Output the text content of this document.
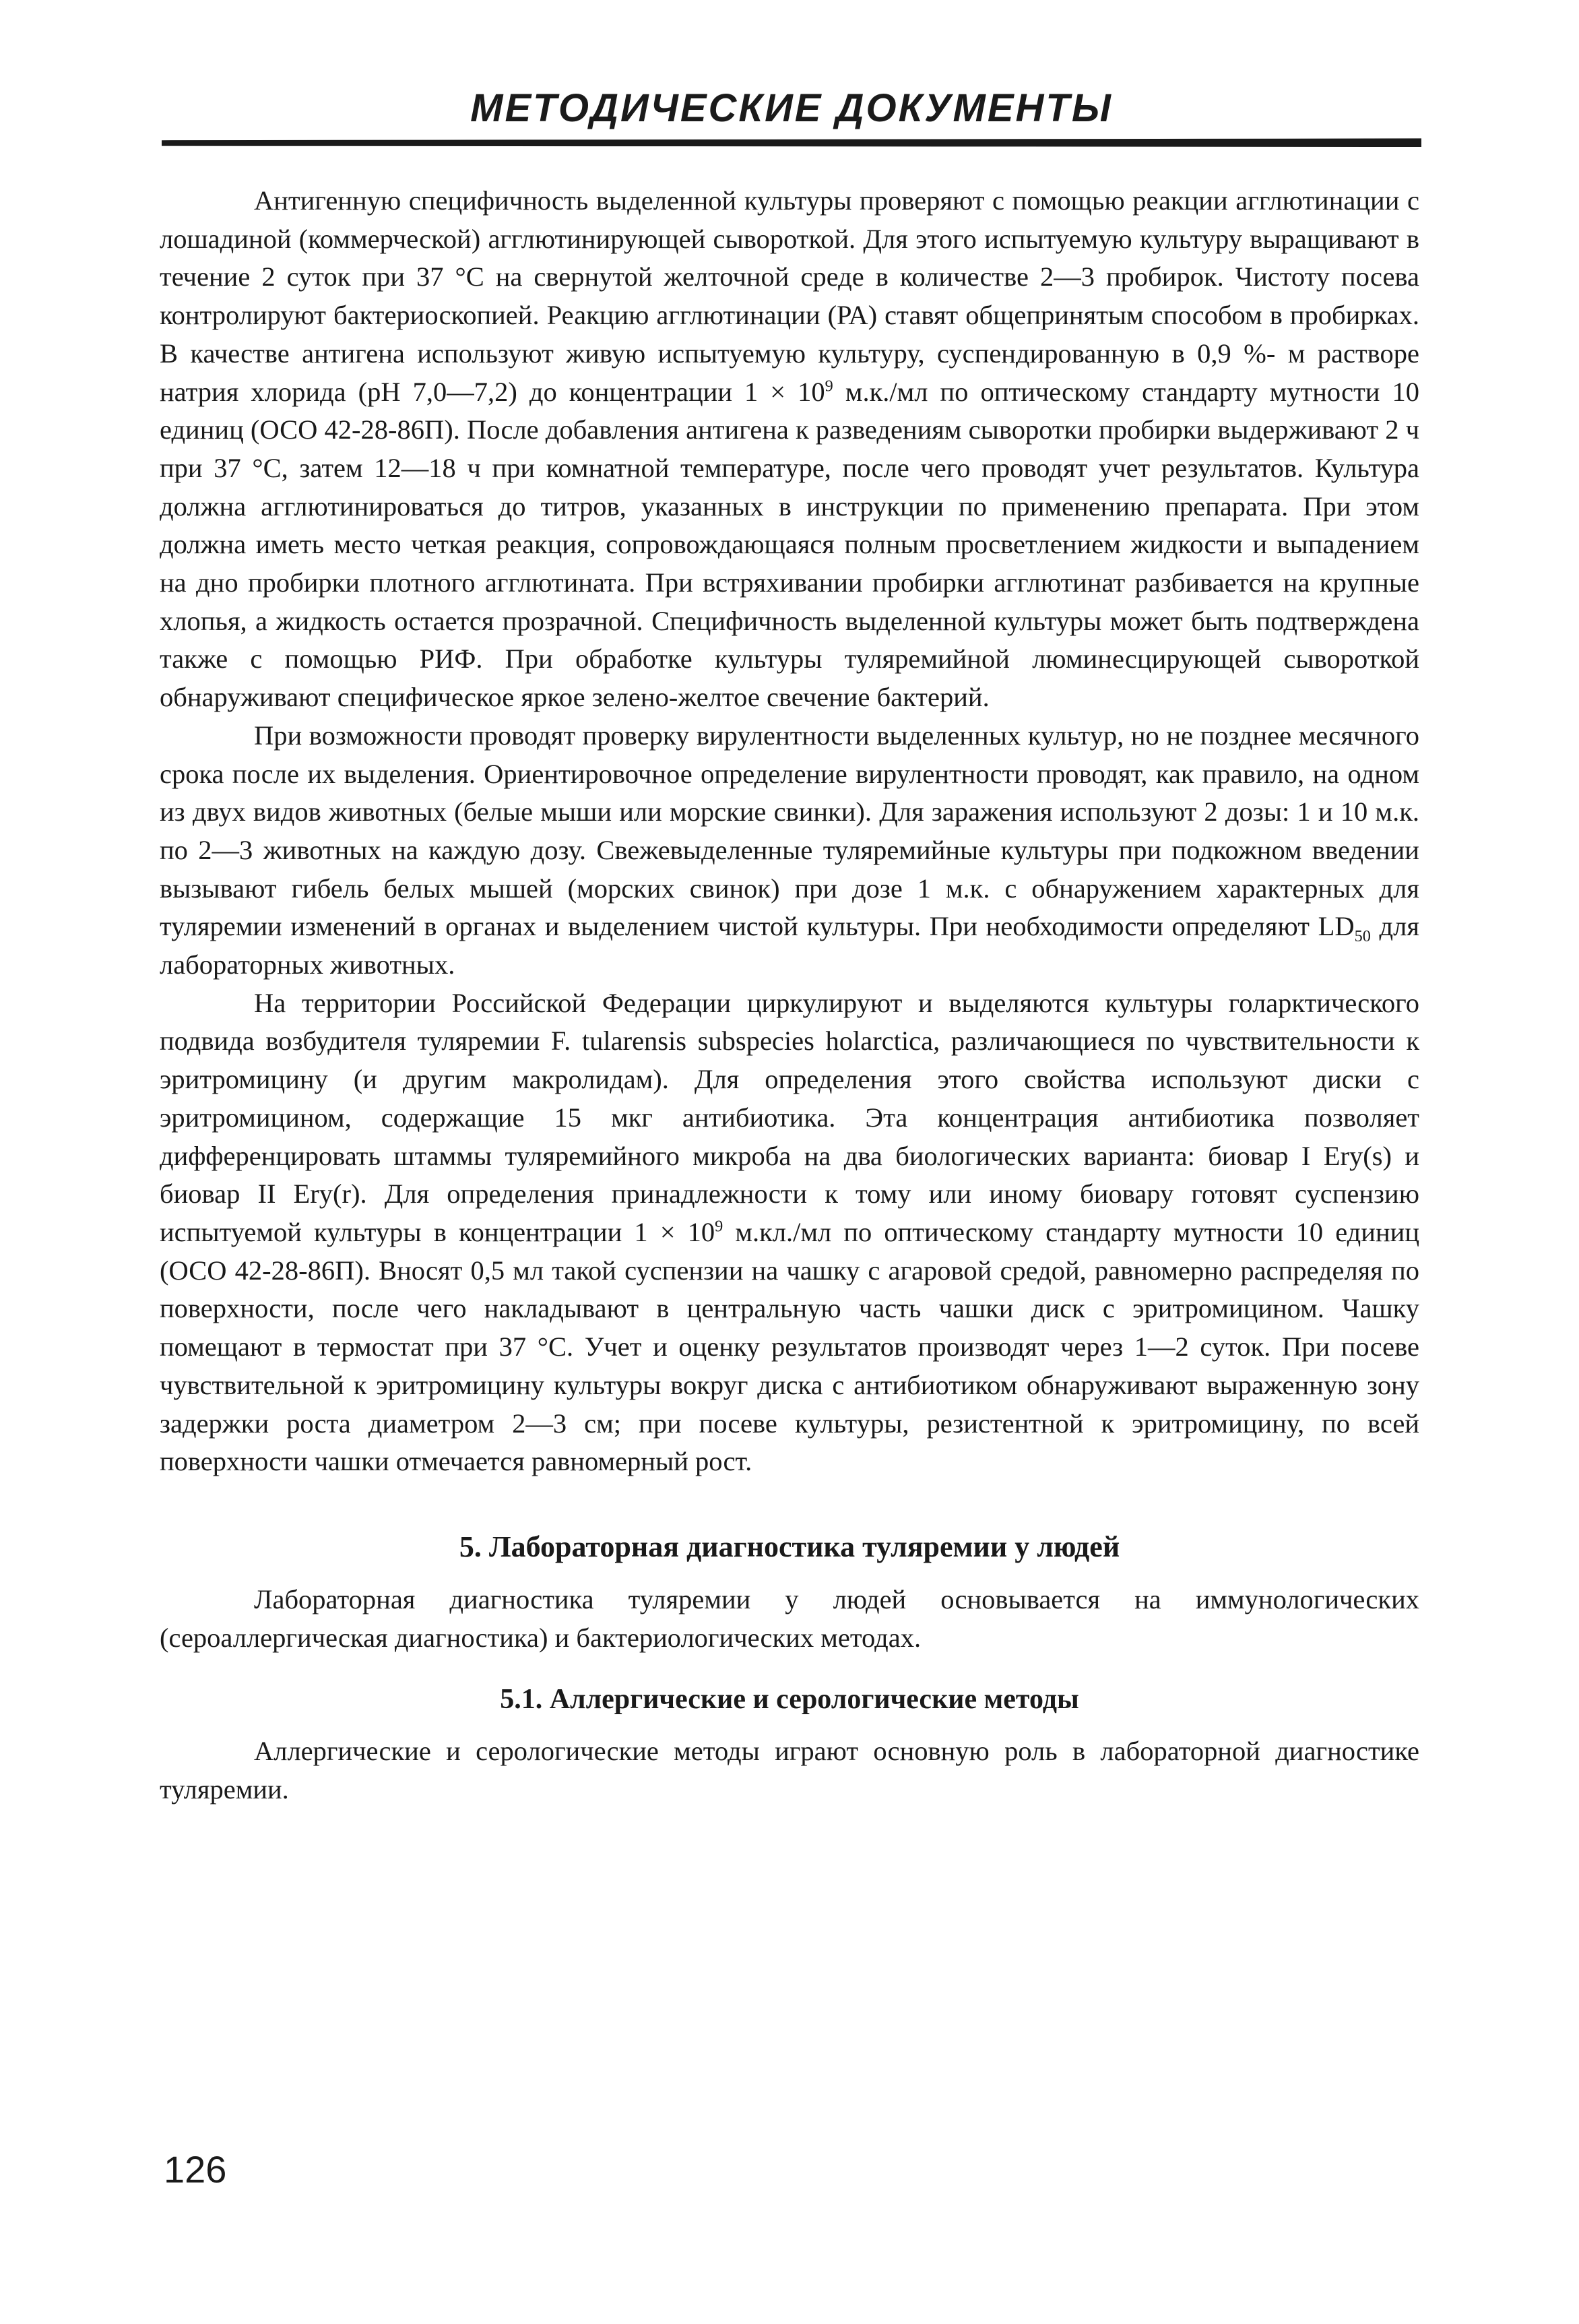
МЕТОДИЧЕСКИЕ ДОКУМЕНТЫ

Антигенную специфичность выделенной культуры проверяют с помощью реакции агглютинации с лошадиной (коммерческой) агглютинирующей сывороткой. Для этого испытуемую культуру выращивают в течение 2 суток при 37 °С на свернутой желточной среде в количестве 2—3 пробирок. Чистоту посева контролируют бактериоскопией. Реакцию агглютинации (РА) ставят общепринятым способом в пробирках. В качестве антигена используют живую испытуемую культуру, суспендированную в 0,9 %- м растворе натрия хлорида (рН 7,0—7,2) до концентрации $1 \times 10^9$ м.к./мл по оптическому стандарту мутности 10 единиц (ОСО 42-28-86П). После добавления антигена к разведениям сыворотки пробирки выдерживают 2 ч при 37 °С, затем 12—18 ч при комнатной температуре, после чего проводят учет результатов. Культура должна агглютинироваться до титров, указанных в инструкции по применению препарата. При этом должна иметь место четкая реакция, сопровождающаяся полным просветлением жидкости и выпадением на дно пробирки плотного агглютината. При встряхивании пробирки агглютинат разбивается на крупные хлопья, а жидкость остается прозрачной. Специфичность выделенной культуры может быть подтверждена также с помощью РИФ. При обработке культуры туляремийной люминесцирующей сывороткой обнаруживают специфическое яркое зелено-желтое свечение бактерий.

При возможности проводят проверку вирулентности выделенных культур, но не позднее месячного срока после их выделения. Ориентировочное определение вирулентности проводят, как правило, на одном из двух видов животных (белые мыши или морские свинки). Для заражения используют 2 дозы: 1 и 10 м.к. по 2—3 животных на каждую дозу. Свежевыделенные туляремийные культуры при подкожном введении вызывают гибель белых мышей (морских свинок) при дозе 1 м.к. с обнаружением характерных для туляремии изменений в органах и выделением чистой культуры. При необходимости определяют $LD_{50}$ для лабораторных животных.

На территории Российской Федерации циркулируют и выделяются культуры голарктического подвида возбудителя туляремии F. tularensis subspecies holarctica, различающиеся по чувствительности к эритромицину (и другим макролидам). Для определения этого свойства используют диски с эритромицином, содержащие 15 мкг антибиотика. Эта концентрация антибиотика позволяет дифференцировать штаммы туляремийного микроба на два биологических варианта: биовар I Ery(s) и биовар II Ery(r). Для определения принадлежности к тому или иному биовару готовят суспензию испытуемой культуры в концентрации $1 \times 10^9$ м.кл./мл по оптическому стандарту мутности 10 единиц (ОСО 42-28-86П). Вносят 0,5 мл такой суспензии на чашку с агаровой средой, равномерно распределяя по поверхности, после чего накладывают в центральную часть чашки диск с эритромицином. Чашку помещают в термостат при 37 °С. Учет и оценку результатов производят через 1—2 суток. При посеве чувствительной к эритромицину культуры вокруг диска с антибиотиком обнаруживают выраженную зону задержки роста диаметром 2—3 см; при посеве культуры, резистентной к эритромицину, по всей поверхности чашки отмечается равномерный рост.

5. Лабораторная диагностика туляремии у людей

Лабораторная диагностика туляремии у людей основывается на иммунологических (сероаллергическая диагностика) и бактериологических методах.

5.1. Аллергические и серологические методы

Аллергические и серологические методы играют основную роль в лабораторной диагностике туляремии.

126
